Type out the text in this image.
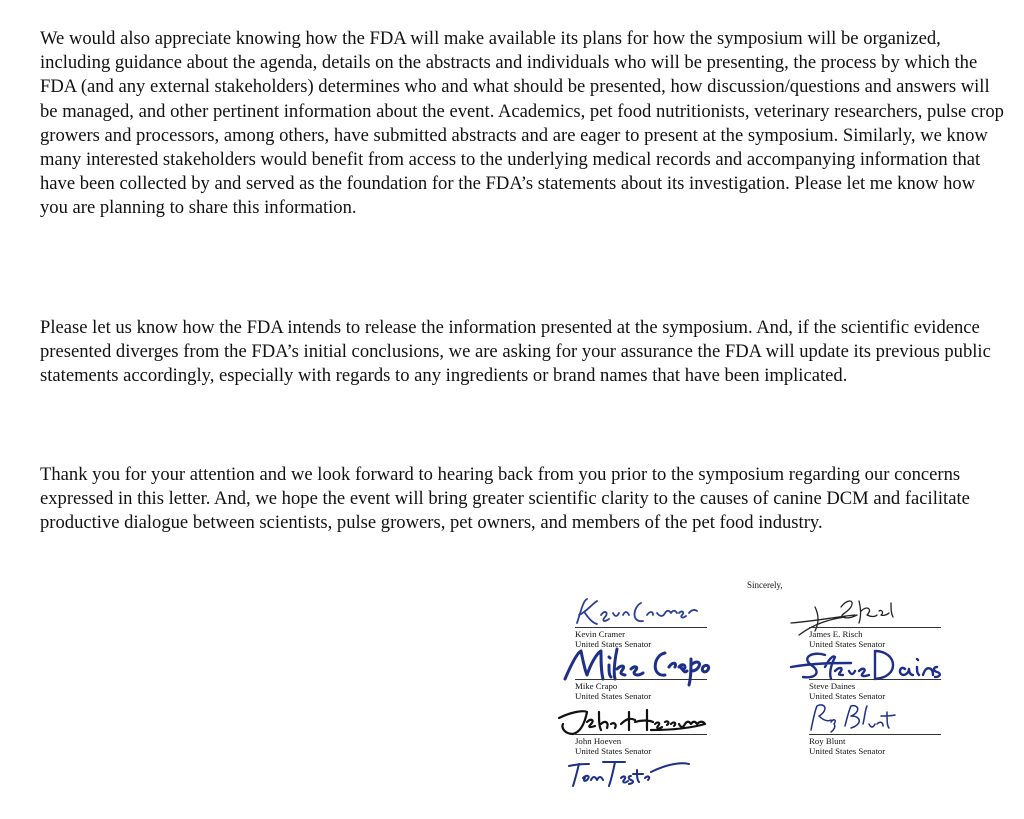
We would also appreciate knowing how the FDA will make available its plans for how the symposium will be organized, including guidance about the agenda, details on the abstracts and individuals who will be presenting, the process by which the FDA (and any external stakeholders) determines who and what should be presented, how discussion/questions and answers will be managed, and other pertinent information about the event. Academics, pet food nutritionists, veterinary researchers, pulse crop growers and processors, among others, have submitted abstracts and are eager to present at the symposium. Similarly, we know many interested stakeholders would benefit from access to the underlying medical records and accompanying information that have been collected by and served as the foundation for the FDA’s statements about its investigation. Please let me know how you are planning to share this information.

Please let us know how the FDA intends to release the information presented at the symposium. And, if the scientific evidence presented diverges from the FDA’s initial conclusions, we are asking for your assurance the FDA will update its previous public statements accordingly, especially with regards to any ingredients or brand names that have been implicated.

Thank you for your attention and we look forward to hearing back from you prior to the symposium regarding our concerns expressed in this letter. And, we hope the event will bring greater scientific clarity to the causes of canine DCM and facilitate productive dialogue between scientists, pulse growers, pet owners, and members of the pet food industry.

Sincerely,
Kevin Cramer
United States Senator
James E. Risch
United States Senator
Mike Crapo
United States Senator
Steve Daines
United States Senator
John Hoeven
United States Senator
Roy Blunt
United States Senator
